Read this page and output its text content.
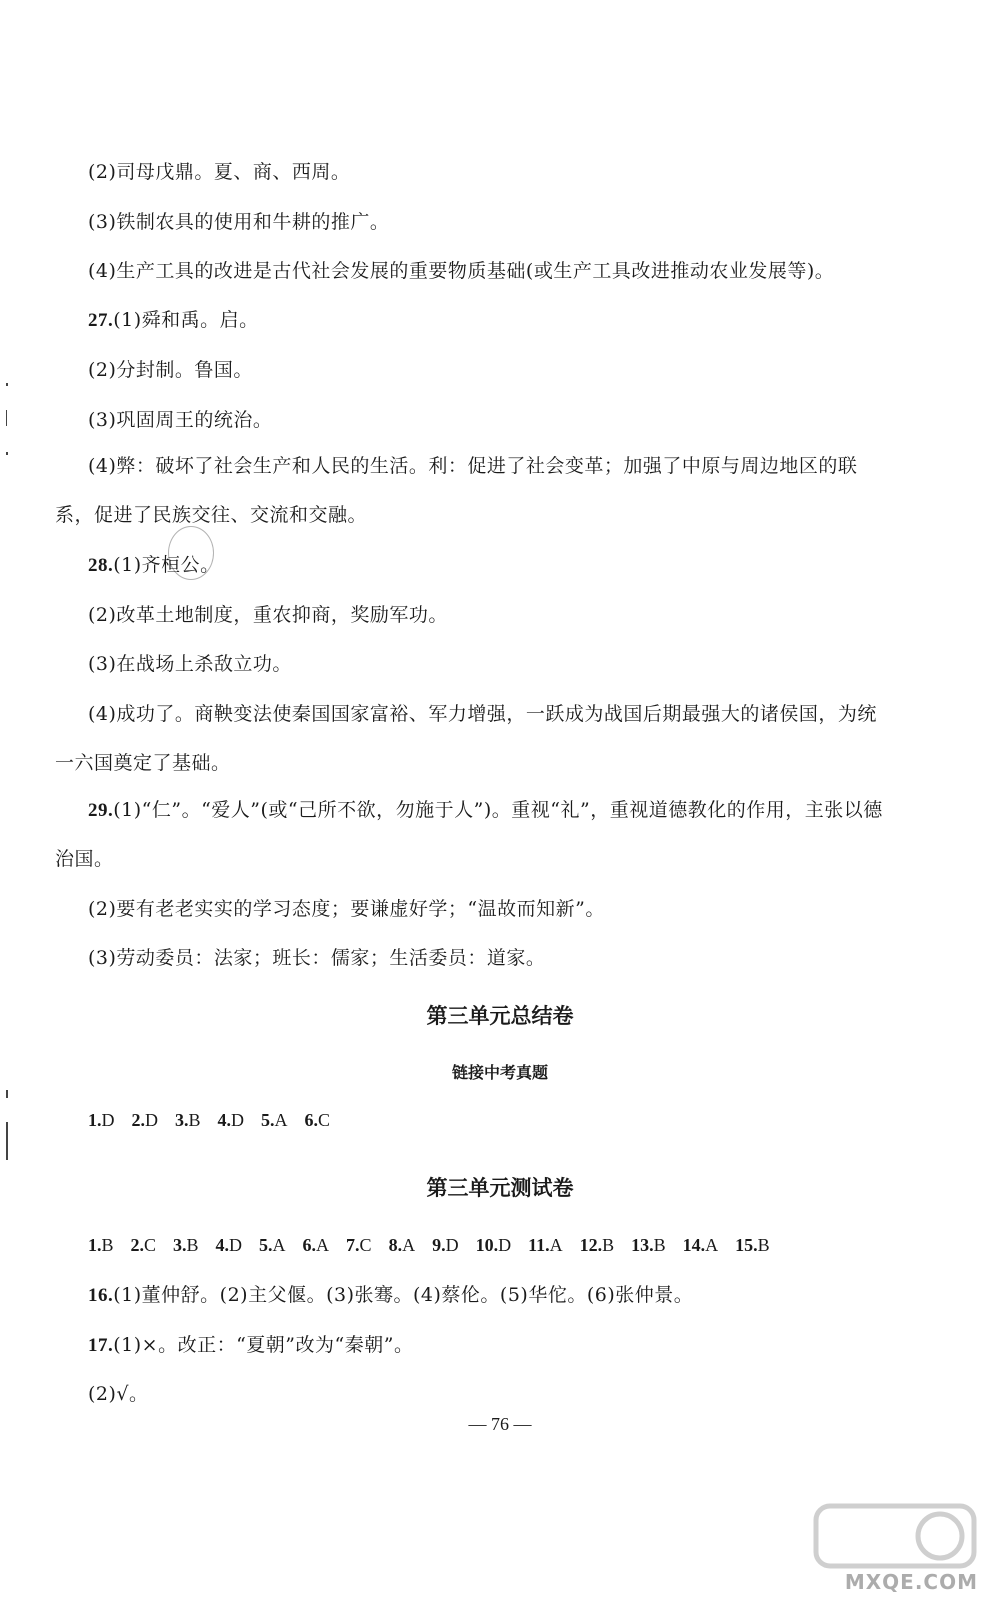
(2)司母戊鼎。夏、商、西周。
(3)铁制农具的使用和牛耕的推广。
(4)生产工具的改进是古代社会发展的重要物质基础(或生产工具改进推动农业发展等)。
27.(1)舜和禹。启。
(2)分封制。鲁国。
(3)巩固周王的统治。
(4)弊：破坏了社会生产和人民的生活。利：促进了社会变革；加强了中原与周边地区的联
系，促进了民族交往、交流和交融。
28.(1)齐桓公。
(2)改革土地制度，重农抑商，奖励军功。
(3)在战场上杀敌立功。
(4)成功了。商鞅变法使秦国国家富裕、军力增强，一跃成为战国后期最强大的诸侯国，为统
一六国奠定了基础。
29.(1)“仁”。“爱人”(或“己所不欲，勿施于人”)。重视“礼”，重视道德教化的作用，主张以德
治国。
(2)要有老老实实的学习态度；要谦虚好学；“温故而知新”。
(3)劳动委员：法家；班长：儒家；生活委员：道家。
第三单元总结卷
链接中考真题
1.D 2.D 3.B 4.D 5.A 6.C
第三单元测试卷
1.B 2.C 3.B 4.D 5.A 6.A 7.C 8.A 9.D 10.D 11.A 12.B 13.B 14.A 15.B
16.(1)董仲舒。(2)主父偃。(3)张骞。(4)蔡伦。(5)华佗。(6)张仲景。
17.(1)×。改正：“夏朝”改为“秦朝”。
(2)√。
— 76 —
MXQE.COM
